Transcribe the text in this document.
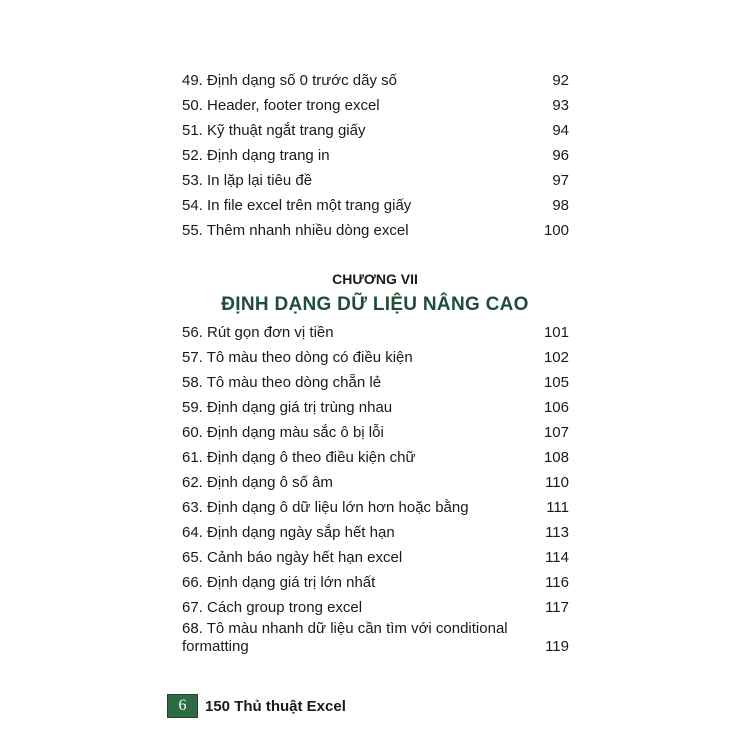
49. Định dạng số 0 trước dãy số	92
50. Header, footer trong excel	93
51. Kỹ thuật ngắt trang giấy	94
52. Định dạng trang in	96
53. In lặp lại tiêu đề	97
54. In file excel trên một trang giấy	98
55. Thêm nhanh nhiều dòng excel	100
CHƯƠNG VII
ĐỊNH DẠNG DỮ LIỆU NÂNG CAO
56. Rút gọn đơn vị tiền	101
57. Tô màu theo dòng có điều kiện	102
58. Tô màu theo dòng chẵn lẻ	105
59. Định dạng giá trị trùng nhau	106
60. Định dạng màu sắc ô bị lỗi	107
61. Định dạng ô theo điều kiện chữ	108
62. Định dạng ô số âm	110
63. Định dạng ô dữ liệu lớn hơn hoặc bằng	111
64. Định dạng ngày sắp hết hạn	113
65. Cảnh báo ngày hết hạn excel	114
66. Định dạng giá trị lớn nhất	116
67. Cách group trong excel	117
68. Tô màu nhanh dữ liệu cần tìm với conditional formatting	119
6	150 Thủ thuật Excel
